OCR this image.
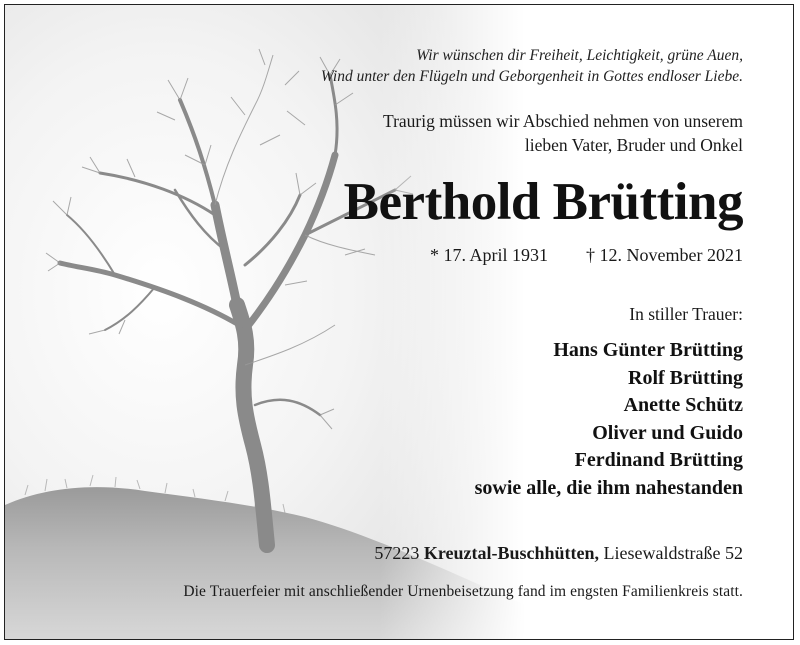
Wir wünschen dir Freiheit, Leichtigkeit, grüne Auen,
Wind unter den Flügeln und Geborgenheit in Gottes endloser Liebe.
Traurig müssen wir Abschied nehmen von unserem
lieben Vater, Bruder und Onkel
Berthold Brütting
* 17. April 1931 † 12. November 2021
In stiller Trauer:
Hans Günter Brütting
Rolf Brütting
Anette Schütz
Oliver und Guido
Ferdinand Brütting
sowie alle, die ihm nahestanden
57223 Kreuztal-Buschhütten, Liesewaldstraße 52
Die Trauerfeier mit anschließender Urnenbeisetzung fand im engsten Familienkreis statt.
